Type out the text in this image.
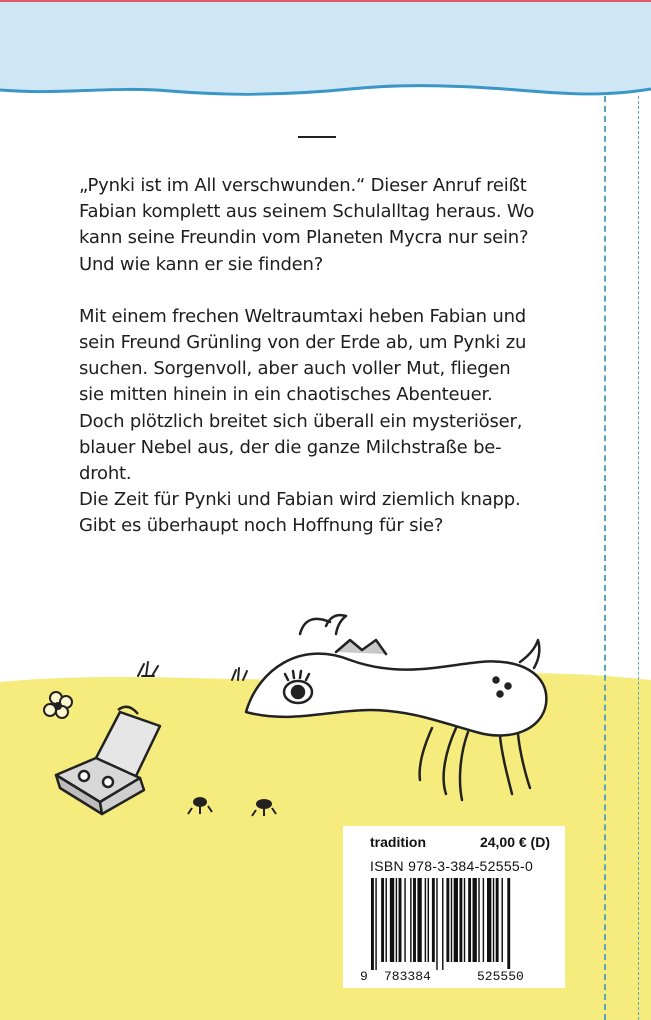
„Pynki ist im All verschwunden.“ Dieser Anruf reißt
Fabian komplett aus seinem Schulalltag heraus. Wo
kann seine Freundin vom Planeten Mycra nur sein?
Und wie kann er sie finden?

Mit einem frechen Weltraumtaxi heben Fabian und
sein Freund Grünling von der Erde ab, um Pynki zu
suchen. Sorgenvoll, aber auch voller Mut, fliegen
sie mitten hinein in ein chaotisches Abenteuer.
Doch plötzlich breitet sich überall ein mysteriöser,
blauer Nebel aus, der die ganze Milchstraße be-
droht.

Die Zeit für Pynki und Fabian wird ziemlich knapp.
Gibt es überhaupt noch Hoffnung für sie?

tradition	24,00 € (D)
ISBN 978-3-384-52555-0
9 783384	525550
